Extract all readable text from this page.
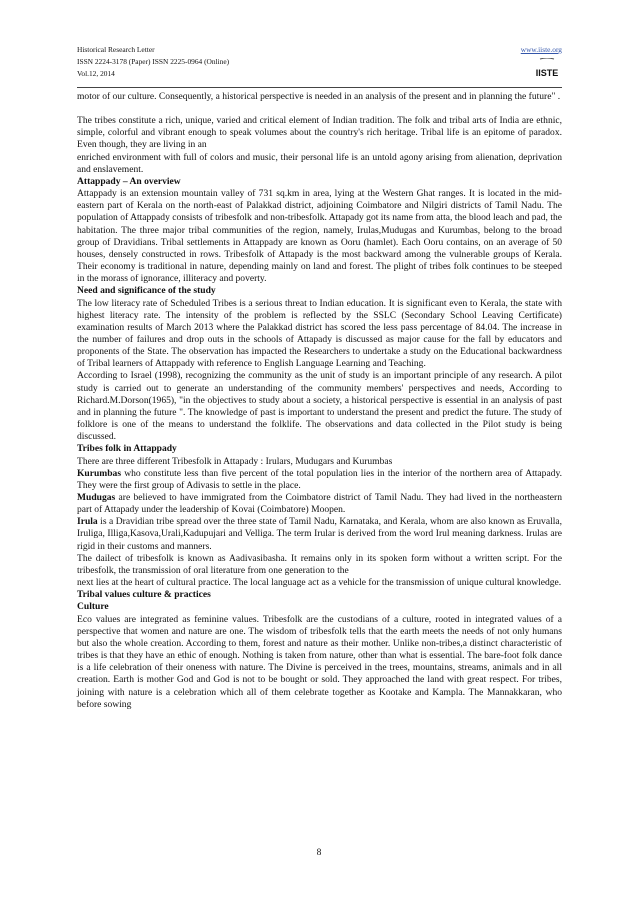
Historical Research Letter
ISSN 2224-3178 (Paper) ISSN 2225-0964 (Online)
Vol.12, 2014
www.iiste.org
IISTE

motor of our culture. Consequently, a historical perspective is needed in an analysis of the present and in planning the future" .

The tribes constitute a rich, unique, varied and critical element of Indian tradition. The folk and tribal arts of India are ethnic, simple, colorful and vibrant enough to speak volumes about the country's rich heritage. Tribal life is an epitome of paradox. Even though, they are living in an

enriched environment with full of colors and music, their personal life is an untold agony arising from alienation, deprivation and enslavement.

Attappady – An overview

Attappady is an extension mountain valley of 731 sq.km in area, lying at the Western Ghat ranges. It is located in the mid-eastern part of Kerala on the north-east of Palakkad district, adjoining Coimbatore and Nilgiri districts of Tamil Nadu. The population of Attappady consists of tribesfolk and non-tribesfolk. Attapady got its name from atta, the blood leach and pad, the habitation. The three major tribal communities of the region, namely, Irulas,Mudugas and Kurumbas, belong to the broad group of Dravidians. Tribal settlements in Attappady are known as Ooru (hamlet). Each Ooru contains, on an average of 50 houses, densely constructed in rows. Tribesfolk of Attapady is the most backward among the vulnerable groups of Kerala. Their economy is traditional in nature, depending mainly on land and forest. The plight of tribes folk continues to be steeped in the morass of ignorance, illiteracy and poverty.

Need and significance of the study

The low literacy rate of Scheduled Tribes is a serious threat to Indian education. It is significant even to Kerala, the state with highest literacy rate. The intensity of the problem is reflected by the SSLC (Secondary School Leaving Certificate) examination results of March 2013 where the Palakkad district has scored the less pass percentage of 84.04. The increase in the number of failures and drop outs in the schools of Attapady is discussed as major cause for the fall by educators and proponents of the State. The observation has impacted the Researchers to undertake a study on the Educational backwardness of Tribal learners of Attappady with reference to English Language Learning and Teaching.

According to Israel (1998), recognizing the community as the unit of study is an important principle of any research. A pilot study is carried out to generate an understanding of the community members' perspectives and needs, According to Richard.M.Dorson(1965), "in the objectives to study about a society, a historical perspective is essential in an analysis of past and in planning the future ". The knowledge of past is important to understand the present and predict the future. The study of folklore is one of the means to understand the folklife. The observations and data collected in the Pilot study is being discussed.

Tribes folk in Attappady

There are three different Tribesfolk in Attapady : Irulars, Mudugars and Kurumbas

Kurumbas who constitute less than five percent of the total population lies in the interior of the northern area of Attapady. They were the first group of Adivasis to settle in the place.

Mudugas are believed to have immigrated from the Coimbatore district of Tamil Nadu. They had lived in the northeastern part of Attapady under the leadership of Kovai (Coimbatore) Moopen.

Irula is a Dravidian tribe spread over the three state of Tamil Nadu, Karnataka, and Kerala, whom are also known as Eruvalla, Iruliga, Illiga,Kasova,Urali,Kadupujari and Velliga. The term Irular is derived from the word Irul meaning darkness. Irulas are rigid in their customs and manners.

The dailect of tribesfolk is known as Aadivasibasha. It remains only in its spoken form without a written script. For the tribesfolk, the transmission of oral literature from one generation to the

next lies at the heart of cultural practice. The local language act as a vehicle for the transmission of unique cultural knowledge.

Tribal values culture & practices

Culture

Eco values are integrated as feminine values. Tribesfolk are the custodians of a culture, rooted in integrated values of a perspective that women and nature are one. The wisdom of tribesfolk tells that the earth meets the needs of not only humans but also the whole creation. According to them, forest and nature as their mother. Unlike non-tribes,a distinct characteristic of tribes is that they have an ethic of enough. Nothing is taken from nature, other than what is essential. The bare-foot folk dance is a life celebration of their oneness with nature. The Divine is perceived in the trees, mountains, streams, animals and in all creation. Earth is mother God and God is not to be bought or sold. They approached the land with great respect. For tribes, joining with nature is a celebration which all of them celebrate together as Kootake and Kampla. The Mannakkaran, who before sowing

8
